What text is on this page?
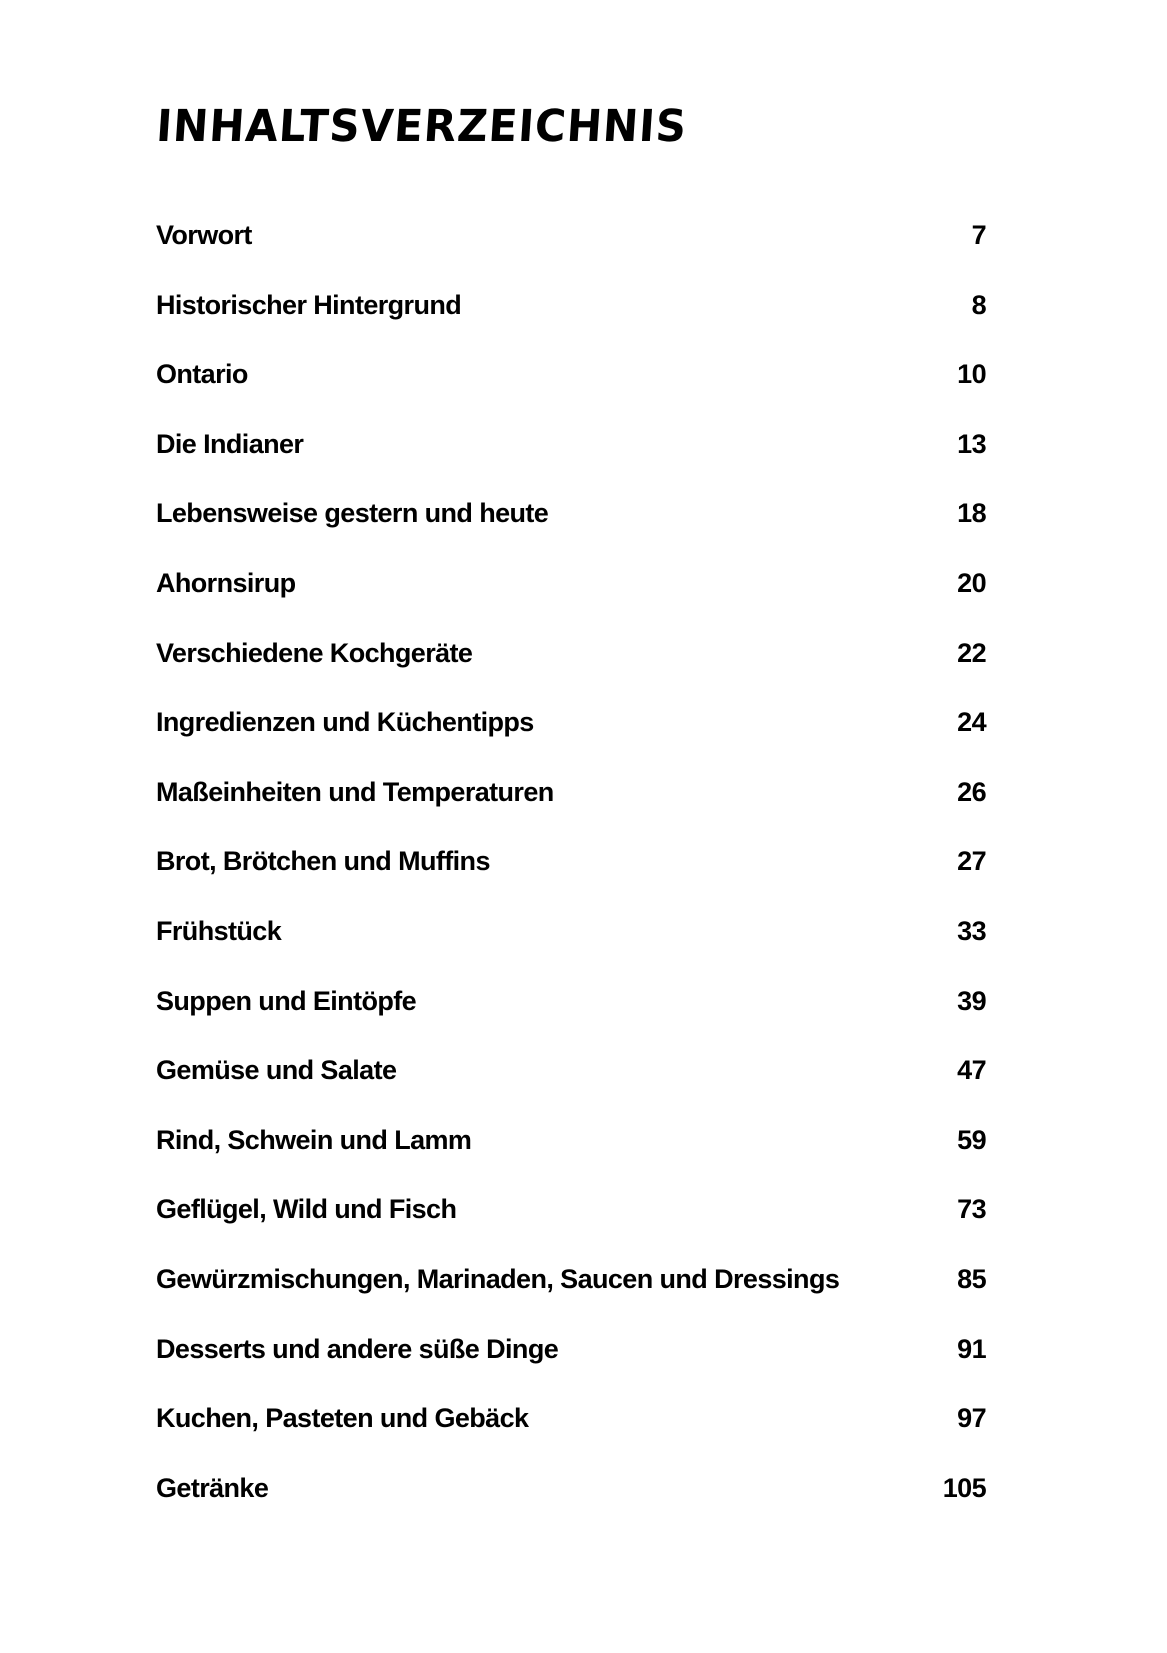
INHALTSVERZEICHNIS
Vorwort	7
Historischer Hintergrund	8
Ontario	10
Die Indianer	13
Lebensweise gestern und heute	18
Ahornsirup	20
Verschiedene Kochgeräte	22
Ingredienzen und Küchentipps	24
Maßeinheiten und Temperaturen	26
Brot, Brötchen und Muffins	27
Frühstück	33
Suppen und Eintöpfe	39
Gemüse und Salate	47
Rind, Schwein und Lamm	59
Geflügel, Wild und Fisch	73
Gewürzmischungen, Marinaden, Saucen und Dressings	85
Desserts und andere süße Dinge	91
Kuchen, Pasteten und Gebäck	97
Getränke	105
